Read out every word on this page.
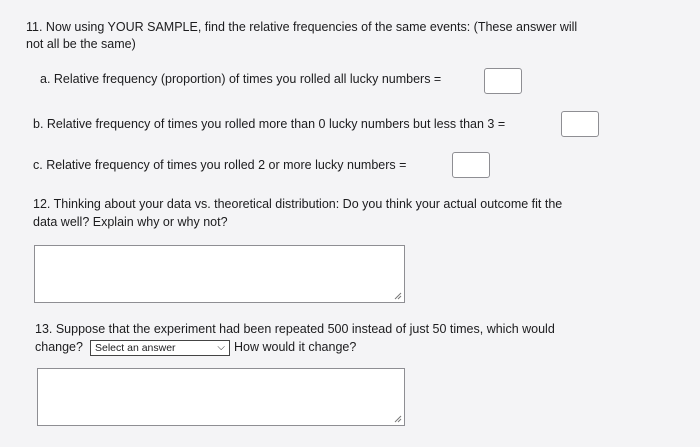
11. Now using YOUR SAMPLE, find the relative frequencies of the same events: (These answer will
not all be the same)
a. Relative frequency (proportion) of times you rolled all lucky numbers =
b. Relative frequency of times you rolled more than 0 lucky numbers but less than 3 =
c. Relative frequency of times you rolled 2 or more lucky numbers =
12. Thinking about your data vs. theoretical distribution: Do you think your actual outcome fit the
data well? Explain why or why not?
13. Suppose that the experiment had been repeated 500 instead of just 50 times, which would
change? Select an answer	⌵ How would it change?
